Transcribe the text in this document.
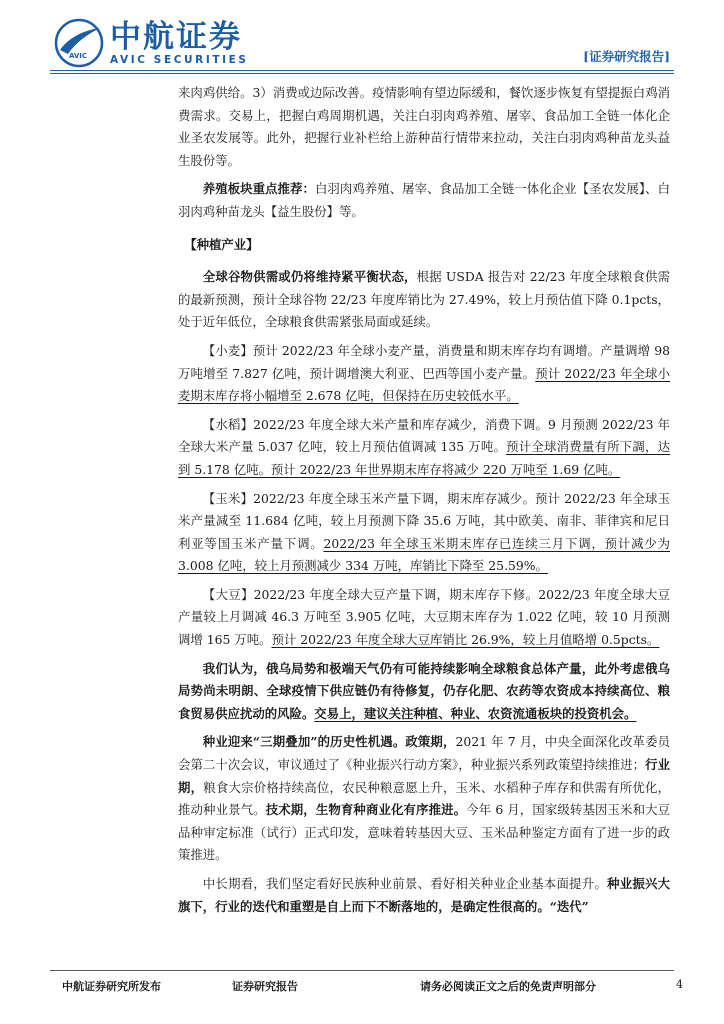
AVIC
中航证券
AVIC SECURITIES	[证券研究报告]

来肉鸡供给。3）消费或边际改善。疫情影响有望边际缓和，餐饮逐步恢复有望提振白鸡消费需求。交易上，把握白鸡周期机遇，关注白羽肉鸡养殖、屠宰、食品加工全链一体化企业圣农发展等。此外，把握行业补栏给上游种苗行情带来拉动，关注白羽肉鸡种苗龙头益生股份等。

养殖板块重点推荐：白羽肉鸡养殖、屠宰、食品加工全链一体化企业【圣农发展】、白羽肉鸡种苗龙头【益生股份】等。

【种植产业】

全球谷物供需或仍将维持紧平衡状态，根据 USDA 报告对 22/23 年度全球粮食供需的最新预测，预计全球谷物 22/23 年度库销比为 27.49%，较上月预估值下降 0.1pcts，处于近年低位，全球粮食供需紧张局面或延续。

【小麦】预计 2022/23 年全球小麦产量，消费量和期末库存均有调增。产量调增 98 万吨增至 7.827 亿吨，预计调增澳大利亚、巴西等国小麦产量。预计 2022/23 年全球小麦期末库存将小幅增至 2.678 亿吨，但保持在历史较低水平。

【水稻】2022/23 年度全球大米产量和库存减少，消费下调。9 月预测 2022/23 年全球大米产量 5.037 亿吨，较上月预估值调减 135 万吨。预计全球消费量有所下調，达到 5.178 亿吨。预计 2022/23 年世界期末库存将减少 220 万吨至 1.69 亿吨。

【玉米】2022/23 年度全球玉米产量下调，期末库存减少。预计 2022/23 年全球玉米产量减至 11.684 亿吨，较上月预测下降 35.6 万吨，其中欧美、南非、菲律宾和尼日利亚等国玉米产量下调。2022/23 年全球玉米期末库存已连续三月下调，预计减少为 3.008 亿吨，较上月预测减少 334 万吨，库销比下降至 25.59%。

【大豆】2022/23 年度全球大豆产量下调，期末库存下修。2022/23 年度全球大豆产量较上月调减 46.3 万吨至 3.905 亿吨，大豆期末库存为 1.022 亿吨，较 10 月预测调增 165 万吨。预计 2022/23 年度全球大豆库销比 26.9%，较上月值略增 0.5pcts。

我们认为，俄乌局势和极端天气仍有可能持续影响全球粮食总体产量，此外考虑俄乌局势尚未明朗、全球疫情下供应链仍有待修复，仍存化肥、农药等农资成本持续高位、粮食贸易供应扰动的风险。交易上，建议关注种植、种业、农资流通板块的投资机会。

种业迎来“三期叠加”的历史性机遇。政策期，2021 年 7 月，中央全面深化改革委员会第二十次会议，审议通过了《种业振兴行动方案》，种业振兴系列政策望持续推进；行业期，粮食大宗价格持续高位，农民种粮意愿上升，玉米、水稻种子库存和供需有所优化，推动种业景气。技术期，生物育种商业化有序推进。今年 6 月，国家级转基因玉米和大豆品种审定标准（试行）正式印发，意味着转基因大豆、玉米品种鉴定方面有了进一步的政策推进。

中长期看，我们坚定看好民族种业前景、看好相关种业企业基本面提升。种业振兴大旗下，行业的迭代和重塑是自上而下不断落地的，是确定性很高的。“迭代”

中航证券研究所发布	证券研究报告	请务必阅读正文之后的免责声明部分	4
